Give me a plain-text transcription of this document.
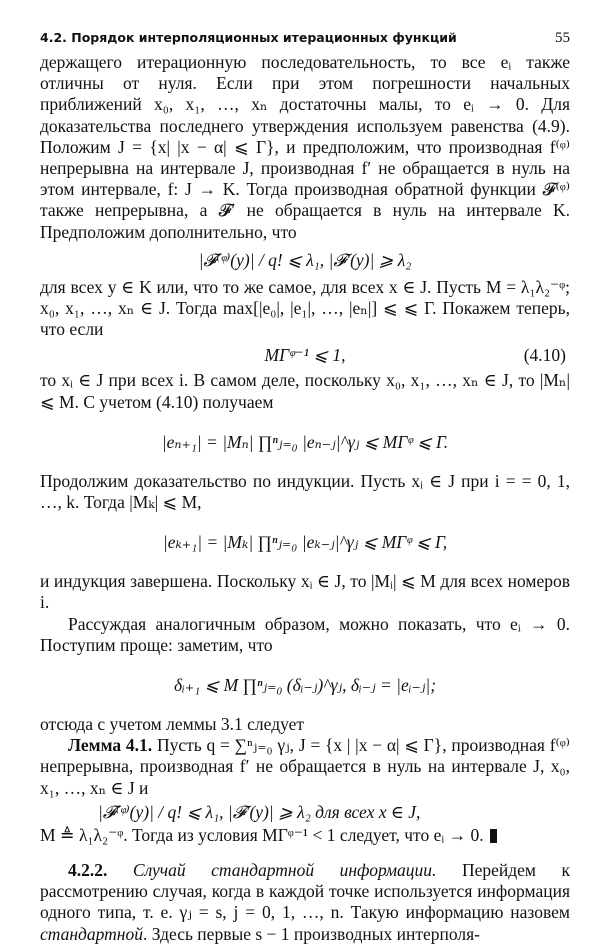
4.2. Порядок интерполяционных итерационных функций	55

держащего итерационную последовательность, то все eᵢ также отличны от нуля. Если при этом погрешности начальных приближений x₀, x₁, …, xₙ достаточны малы, то eᵢ → 0. Для доказательства последнего утверждения используем равенства (4.9). Положим J = {x| |x − α| ⩽ Γ}, и предположим, что производная f⁽ᵠ⁾ непрерывна на интервале J, производная f′ не обращается в нуль на этом интервале, f: J → K. Тогда производная обратной функции 𝓕⁽ᵠ⁾ также непрерывна, а 𝓕′ не обращается в нуль на интервале K. Предположим дополнительно, что

|𝓕⁽ᵠ⁾(y)| / q! ⩽ λ₁, |𝓕′(y)| ⩾ λ₂

для всех y ∈ K или, что то же самое, для всех x ∈ J. Пусть M = λ₁λ₂⁻ᵠ; x₀, x₁, …, xₙ ∈ J. Тогда max[|e₀|, |e₁|, …, |eₙ|] ⩽ ⩽ Γ. Покажем теперь, что если

MΓᵠ⁻¹ ⩽ 1,	(4.10)

то xᵢ ∈ J при всех i. В самом деле, поскольку x₀, x₁, …, xₙ ∈ J, то |Mₙ| ⩽ M. С учетом (4.10) получаем

|eₙ₊₁| = |Mₙ| ∏ⁿⱼ₌₀ |eₙ₋ⱼ|^γⱼ ⩽ MΓᵠ ⩽ Γ.

Продолжим доказательство по индукции. Пусть xᵢ ∈ J при i = = 0, 1, …, k. Тогда |Mₖ| ⩽ M,

|eₖ₊₁| = |Mₖ| ∏ⁿⱼ₌₀ |eₖ₋ⱼ|^γⱼ ⩽ MΓᵠ ⩽ Γ,

и индукция завершена. Поскольку xᵢ ∈ J, то |Mᵢ| ⩽ M для всех номеров i.

Рассуждая аналогичным образом, можно показать, что eᵢ → 0. Поступим проще: заметим, что

δᵢ₊₁ ⩽ M ∏ⁿⱼ₌₀ (δᵢ₋ⱼ)^γⱼ, δᵢ₋ⱼ = |eᵢ₋ⱼ|;

отсюда с учетом леммы 3.1 следует

Лемма 4.1. Пусть q = ∑ⁿⱼ₌₀ γⱼ, J = {x | |x − α| ⩽ Γ}, производная f⁽ᵠ⁾ непрерывна, производная f′ не обращается в нуль на интервале J, x₀, x₁, …, xₙ ∈ J и

|𝓕⁽ᵠ⁾(y)| / q! ⩽ λ₁, |𝓕′(y)| ⩾ λ₂ для всех x ∈ J,

M ≜ λ₁λ₂⁻ᵠ. Тогда из условия MΓᵠ⁻¹ < 1 следует, что eᵢ → 0.

4.2.2. Случай стандартной информации. Перейдем к рассмотрению случая, когда в каждой точке используется информация одного типа, т. е. γⱼ = s, j = 0, 1, …, n. Такую информацию назовем стандартной. Здесь первые s − 1 производных интерполя-
